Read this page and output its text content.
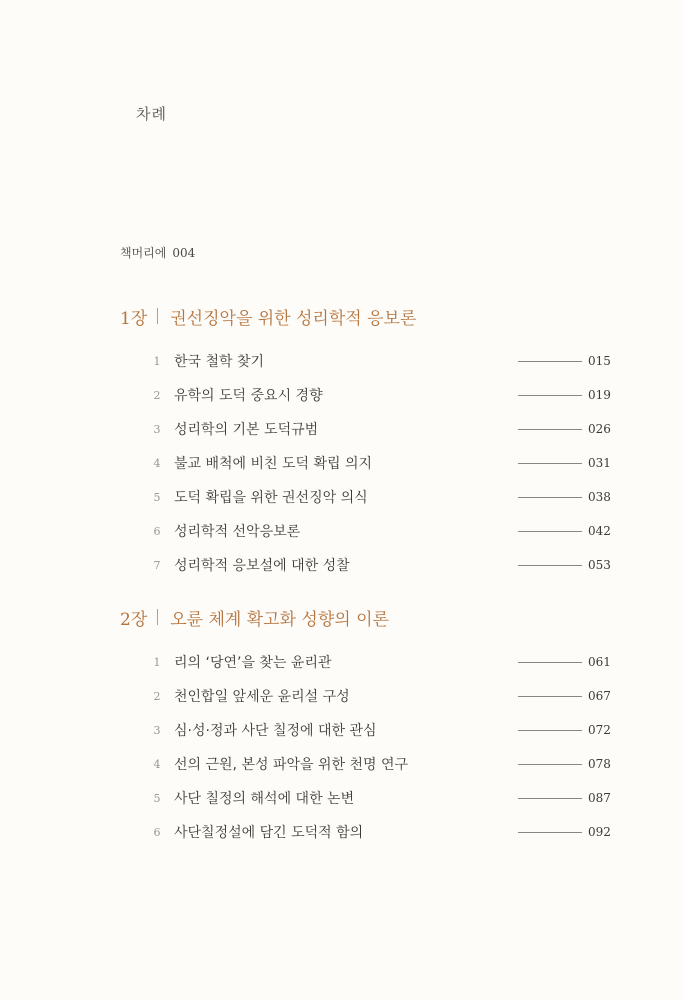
차례
책머리에 004
1장 권선징악을 위한 성리학적 응보론
1 한국 철학 찾기	015
2 유학의 도덕 중요시 경향	019
3 성리학의 기본 도덕규범	026
4 불교 배척에 비친 도덕 확립 의지	031
5 도덕 확립을 위한 권선징악 의식	038
6 성리학적 선악응보론	042
7 성리학적 응보설에 대한 성찰	053
2장 오륜 체계 확고화 성향의 이론
1 리의 ‘당연’을 찾는 윤리관	061
2 천인합일 앞세운 윤리설 구성	067
3 심·성·정과 사단 칠정에 대한 관심	072
4 선의 근원, 본성 파악을 위한 천명 연구	078
5 사단 칠정의 해석에 대한 논변	087
6 사단칠정설에 담긴 도덕적 함의	092
